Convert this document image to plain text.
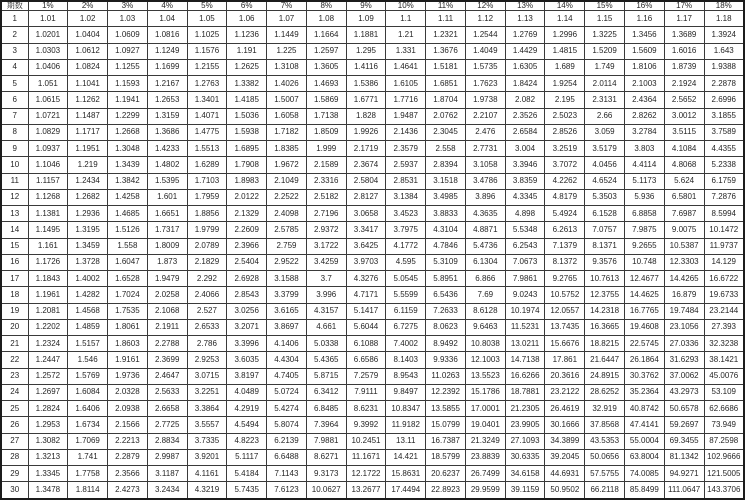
期数	1%	2%	3%	4%	5%	6%	7%	8%	9%	10%	11%	12%	13%	14%	15%	16%	17%	18%
1	1.01	1.02	1.03	1.04	1.05	1.06	1.07	1.08	1.09	1.1	1.11	1.12	1.13	1.14	1.15	1.16	1.17	1.18
2	1.0201	1.0404	1.0609	1.0816	1.1025	1.1236	1.1449	1.1664	1.1881	1.21	1.2321	1.2544	1.2769	1.2996	1.3225	1.3456	1.3689	1.3924
3	1.0303	1.0612	1.0927	1.1249	1.1576	1.191	1.225	1.2597	1.295	1.331	1.3676	1.4049	1.4429	1.4815	1.5209	1.5609	1.6016	1.643
4	1.0406	1.0824	1.1255	1.1699	1.2155	1.2625	1.3108	1.3605	1.4116	1.4641	1.5181	1.5735	1.6305	1.689	1.749	1.8106	1.8739	1.9388
5	1.051	1.1041	1.1593	1.2167	1.2763	1.3382	1.4026	1.4693	1.5386	1.6105	1.6851	1.7623	1.8424	1.9254	2.0114	2.1003	2.1924	2.2878
6	1.0615	1.1262	1.1941	1.2653	1.3401	1.4185	1.5007	1.5869	1.6771	1.7716	1.8704	1.9738	2.082	2.195	2.3131	2.4364	2.5652	2.6996
7	1.0721	1.1487	1.2299	1.3159	1.4071	1.5036	1.6058	1.7138	1.828	1.9487	2.0762	2.2107	2.3526	2.5023	2.66	2.8262	3.0012	3.1855
8	1.0829	1.1717	1.2668	1.3686	1.4775	1.5938	1.7182	1.8509	1.9926	2.1436	2.3045	2.476	2.6584	2.8526	3.059	3.2784	3.5115	3.7589
9	1.0937	1.1951	1.3048	1.4233	1.5513	1.6895	1.8385	1.999	2.1719	2.3579	2.558	2.7731	3.004	3.2519	3.5179	3.803	4.1084	4.4355
10	1.1046	1.219	1.3439	1.4802	1.6289	1.7908	1.9672	2.1589	2.3674	2.5937	2.8394	3.1058	3.3946	3.7072	4.0456	4.4114	4.8068	5.2338
11	1.1157	1.2434	1.3842	1.5395	1.7103	1.8983	2.1049	2.3316	2.5804	2.8531	3.1518	3.4786	3.8359	4.2262	4.6524	5.1173	5.624	6.1759
12	1.1268	1.2682	1.4258	1.601	1.7959	2.0122	2.2522	2.5182	2.8127	3.1384	3.4985	3.896	4.3345	4.8179	5.3503	5.936	6.5801	7.2876
13	1.1381	1.2936	1.4685	1.6651	1.8856	2.1329	2.4098	2.7196	3.0658	3.4523	3.8833	4.3635	4.898	5.4924	6.1528	6.8858	7.6987	8.5994
14	1.1495	1.3195	1.5126	1.7317	1.9799	2.2609	2.5785	2.9372	3.3417	3.7975	4.3104	4.8871	5.5348	6.2613	7.0757	7.9875	9.0075	10.1472
15	1.161	1.3459	1.558	1.8009	2.0789	2.3966	2.759	3.1722	3.6425	4.1772	4.7846	5.4736	6.2543	7.1379	8.1371	9.2655	10.5387	11.9737
16	1.1726	1.3728	1.6047	1.873	2.1829	2.5404	2.9522	3.4259	3.9703	4.595	5.3109	6.1304	7.0673	8.1372	9.3576	10.748	12.3303	14.129
17	1.1843	1.4002	1.6528	1.9479	2.292	2.6928	3.1588	3.7	4.3276	5.0545	5.8951	6.866	7.9861	9.2765	10.7613	12.4677	14.4265	16.6722
18	1.1961	1.4282	1.7024	2.0258	2.4066	2.8543	3.3799	3.996	4.7171	5.5599	6.5436	7.69	9.0243	10.5752	12.3755	14.4625	16.879	19.6733
19	1.2081	1.4568	1.7535	2.1068	2.527	3.0256	3.6165	4.3157	5.1417	6.1159	7.2633	8.6128	10.1974	12.0557	14.2318	16.7765	19.7484	23.2144
20	1.2202	1.4859	1.8061	2.1911	2.6533	3.2071	3.8697	4.661	5.6044	6.7275	8.0623	9.6463	11.5231	13.7435	16.3665	19.4608	23.1056	27.393
21	1.2324	1.5157	1.8603	2.2788	2.786	3.3996	4.1406	5.0338	6.1088	7.4002	8.9492	10.8038	13.0211	15.6676	18.8215	22.5745	27.0336	32.3238
22	1.2447	1.546	1.9161	2.3699	2.9253	3.6035	4.4304	5.4365	6.6586	8.1403	9.9336	12.1003	14.7138	17.861	21.6447	26.1864	31.6293	38.1421
23	1.2572	1.5769	1.9736	2.4647	3.0715	3.8197	4.7405	5.8715	7.2579	8.9543	11.0263	13.5523	16.6266	20.3616	24.8915	30.3762	37.0062	45.0076
24	1.2697	1.6084	2.0328	2.5633	3.2251	4.0489	5.0724	6.3412	7.9111	9.8497	12.2392	15.1786	18.7881	23.2122	28.6252	35.2364	43.2973	53.109
25	1.2824	1.6406	2.0938	2.6658	3.3864	4.2919	5.4274	6.8485	8.6231	10.8347	13.5855	17.0001	21.2305	26.4619	32.919	40.8742	50.6578	62.6686
26	1.2953	1.6734	2.1566	2.7725	3.5557	4.5494	5.8074	7.3964	9.3992	11.9182	15.0799	19.0401	23.9905	30.1666	37.8568	47.4141	59.2697	73.949
27	1.3082	1.7069	2.2213	2.8834	3.7335	4.8223	6.2139	7.9881	10.2451	13.11	16.7387	21.3249	27.1093	34.3899	43.5353	55.0004	69.3455	87.2598
28	1.3213	1.741	2.2879	2.9987	3.9201	5.1117	6.6488	8.6271	11.1671	14.421	18.5799	23.8839	30.6335	39.2045	50.0656	63.8004	81.1342	102.9666
29	1.3345	1.7758	2.3566	3.1187	4.1161	5.4184	7.1143	9.3173	12.1722	15.8631	20.6237	26.7499	34.6158	44.6931	57.5755	74.0085	94.9271	121.5005
30	1.3478	1.8114	2.4273	3.2434	4.3219	5.7435	7.6123	10.0627	13.2677	17.4494	22.8923	29.9599	39.1159	50.9502	66.2118	85.8499	111.0647	143.3706
